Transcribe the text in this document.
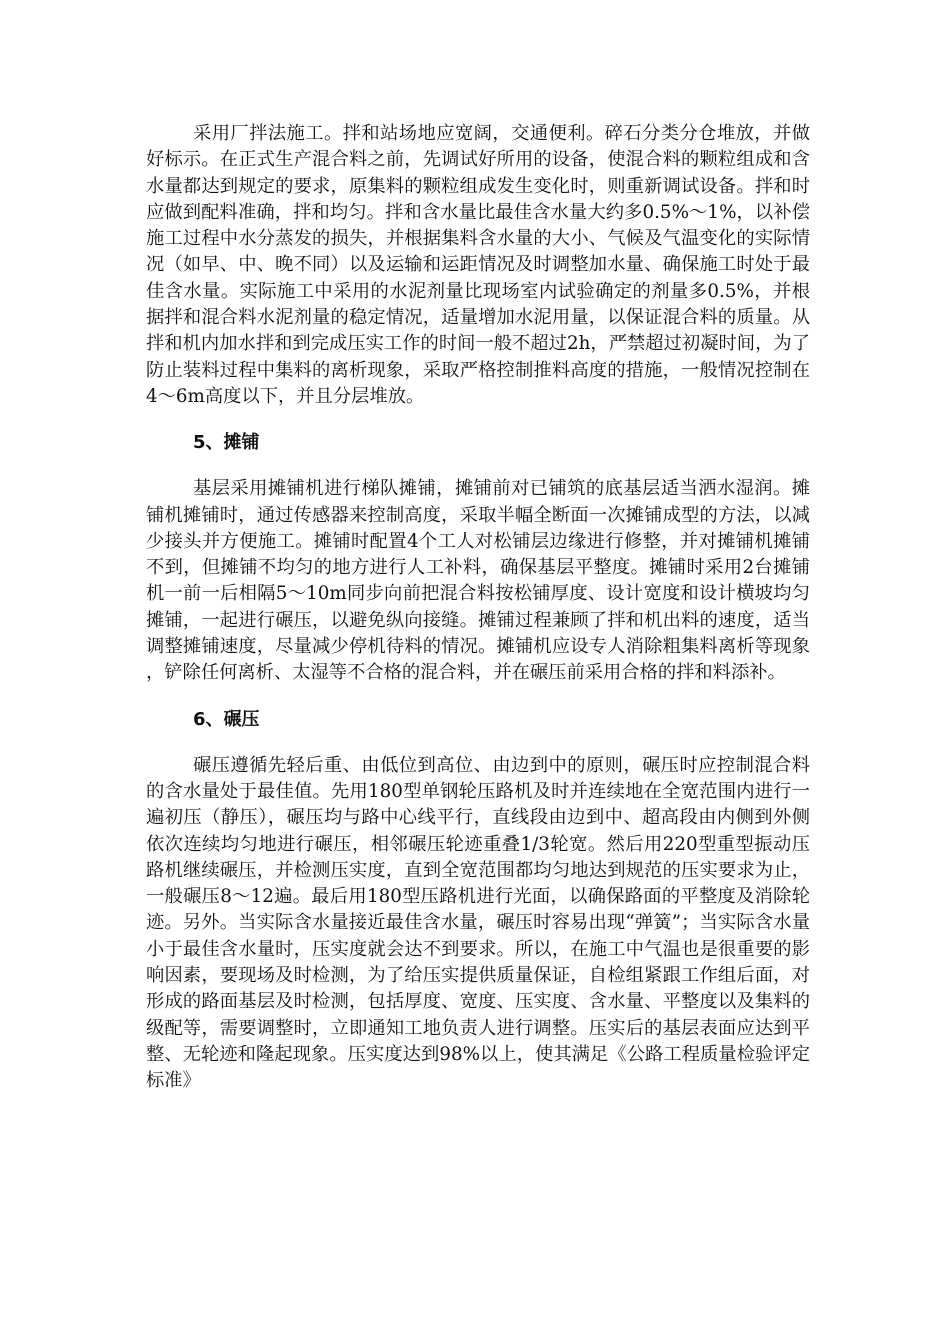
采用厂拌法施工。拌和站场地应宽阔，交通便利。碎石分类分仓堆放，并做好标示。在正式生产混合料之前，先调试好所用的设备，使混合料的颗粒组成和含水量都达到规定的要求，原集料的颗粒组成发生变化时，则重新调试设备。拌和时应做到配料准确，拌和均匀。拌和含水量比最佳含水量大约多0.5%～1%，以补偿施工过程中水分蒸发的损失，并根据集料含水量的大小、气候及气温变化的实际情况（如早、中、晚不同）以及运输和运距情况及时调整加水量、确保施工时处于最佳含水量。实际施工中采用的水泥剂量比现场室内试验确定的剂量多0.5%，并根据拌和混合料水泥剂量的稳定情况，适量增加水泥用量，以保证混合料的质量。从拌和机内加水拌和到完成压实工作的时间一般不超过2h，严禁超过初凝时间，为了防止装料过程中集料的离析现象，采取严格控制推料高度的措施，一般情况控制在4～6m高度以下，并且分层堆放。

5、摊铺

基层采用摊铺机进行梯队摊铺，摊铺前对已铺筑的底基层适当洒水湿润。摊铺机摊铺时，通过传感器来控制高度，采取半幅全断面一次摊铺成型的方法，以减少接头并方便施工。摊铺时配置4个工人对松铺层边缘进行修整，并对摊铺机摊铺不到，但摊铺不均匀的地方进行人工补料，确保基层平整度。摊铺时采用2台摊铺机一前一后相隔5～10m同步向前把混合料按松铺厚度、设计宽度和设计横坡均匀摊铺，一起进行碾压，以避免纵向接缝。摊铺过程兼顾了拌和机出料的速度，适当调整摊铺速度，尽量减少停机待料的情况。摊铺机应设专人消除粗集料离析等现象，铲除任何离析、太湿等不合格的混合料，并在碾压前采用合格的拌和料添补。

6、碾压

碾压遵循先轻后重、由低位到高位、由边到中的原则，碾压时应控制混合料的含水量处于最佳值。先用180型单钢轮压路机及时并连续地在全宽范围内进行一遍初压（静压），碾压均与路中心线平行，直线段由边到中、超高段由内侧到外侧依次连续均匀地进行碾压，相邻碾压轮迹重叠1/3轮宽。然后用220型重型振动压路机继续碾压，并检测压实度，直到全宽范围都均匀地达到规范的压实要求为止，一般碾压8～12遍。最后用180型压路机进行光面，以确保路面的平整度及消除轮迹。另外。当实际含水量接近最佳含水量，碾压时容易出现“弹簧”；当实际含水量小于最佳含水量时，压实度就会达不到要求。所以，在施工中气温也是很重要的影响因素，要现场及时检测，为了给压实提供质量保证，自检组紧跟工作组后面，对形成的路面基层及时检测，包括厚度、宽度、压实度、含水量、平整度以及集料的级配等，需要调整时，立即通知工地负责人进行调整。压实后的基层表面应达到平整、无轮迹和隆起现象。压实度达到98%以上，使其满足《公路工程质量检验评定标准》
